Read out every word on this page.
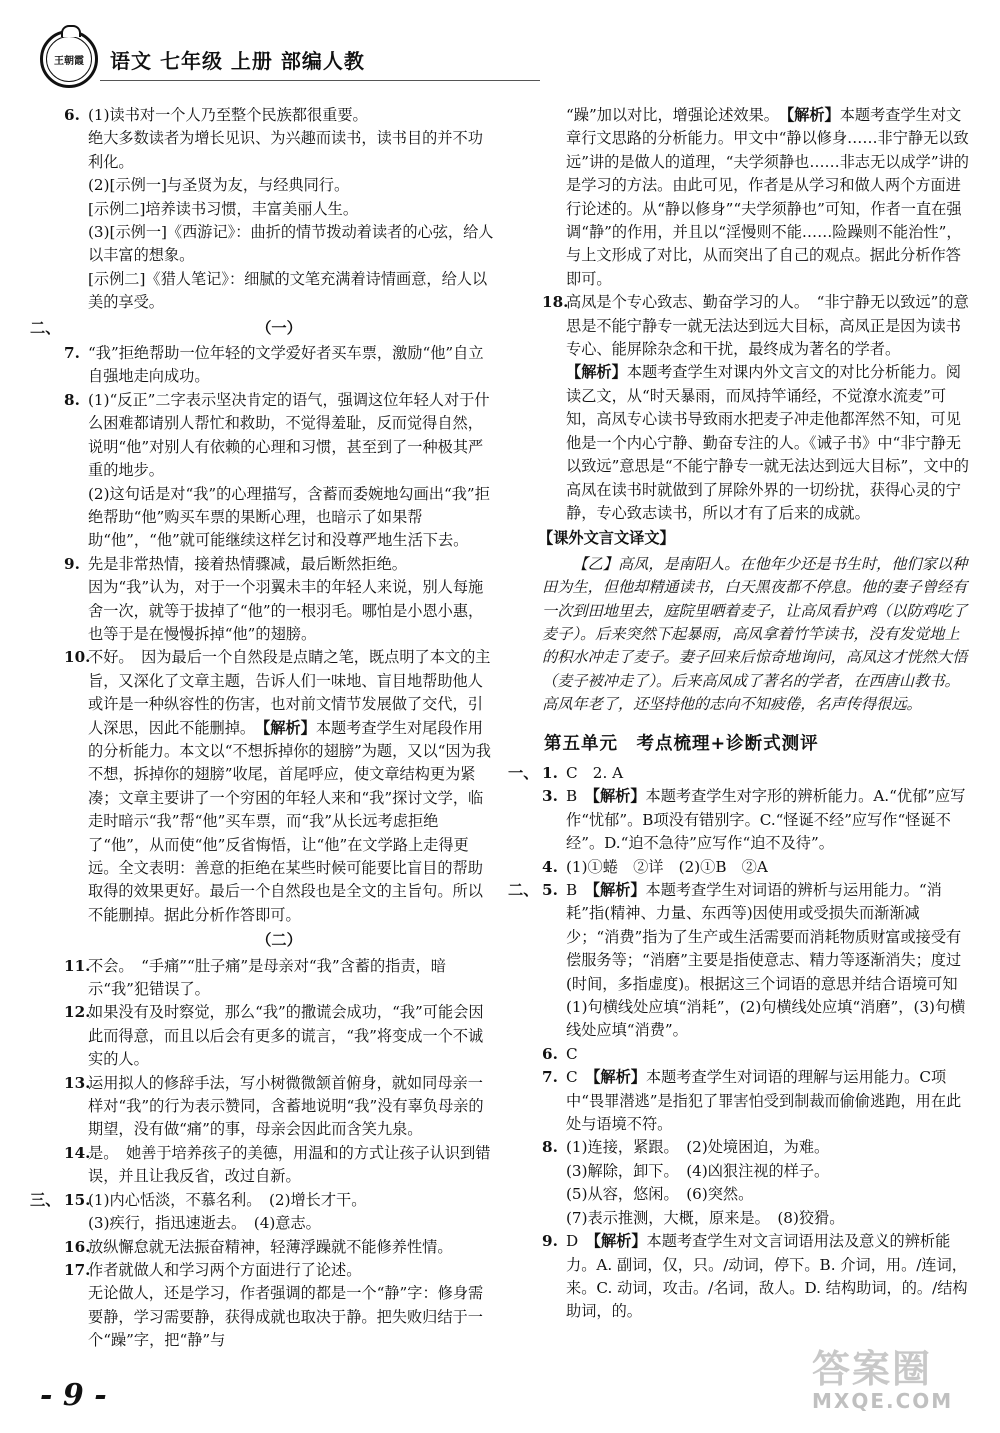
王朝霞	语文 七年级 上册 部编人教
6. (1)读书对一个人乃至整个民族都很重要。

绝大多数读者为增长见识、为兴趣而读书，读书目的并不功利化。

(2)[示例一]与圣贤为友，与经典同行。

[示例二]培养读书习惯，丰富美丽人生。

(3)[示例一]《西游记》：曲折的情节拨动着读者的心弦，给人以丰富的想象。

[示例二]《猎人笔记》：细腻的文笔充满着诗情画意，给人以美的享受。

二、	（一）
7. “我”拒绝帮助一位年轻的文学爱好者买车票，激励“他”自立自强地走向成功。

8. (1)“反正”二字表示坚决肯定的语气，强调这位年轻人对于什么困难都请别人帮忙和救助，不觉得羞耻，反而觉得自然，说明“他”对别人有依赖的心理和习惯，甚至到了一种极其严重的地步。

(2)这句话是对“我”的心理描写，含蓄而委婉地勾画出“我”拒绝帮助“他”购买车票的果断心理，也暗示了如果帮助“他”，“他”就可能继续这样乞讨和没尊严地生活下去。

9. 先是非常热情，接着热情骤减，最后断然拒绝。

因为“我”认为，对于一个羽翼未丰的年轻人来说，别人每施舍一次，就等于拔掉了“他”的一根羽毛。哪怕是小恩小惠，也等于是在慢慢拆掉“他”的翅膀。

10.

不好。　因为最后一个自然段是点睛之笔，既点明了本文的主旨，又深化了文章主题，告诉人们一味地、盲目地帮助他人或许是一种纵容性的伤害，也对前文情节发展做了交代，引人深思，因此不能删掉。　【解析】本题考查学生对尾段作用的分析能力。本文以“不想拆掉你的翅膀”为题，又以“因为我不想，拆掉你的翅膀”收尾，首尾呼应，使文章结构更为紧凑；文章主要讲了一个穷困的年轻人来和“我”探讨文学，临走时暗示“我”帮“他”买车票，而“我”从长远考虑拒绝了“他”，从而使“他”反省悔悟，让“他”在文学路上走得更远。全文表明：善意的拒绝在某些时候可能要比盲目的帮助取得的效果更好。最后一个自然段也是全文的主旨句。所以不能删掉。据此分析作答即可。

（二）
11.

不会。　“手痛”“肚子痛”是母亲对“我”含蓄的指责，暗示“我”犯错误了。

12.

如果没有及时察觉，那么“我”的撒谎会成功，“我”可能会因此而得意，而且以后会有更多的谎言，“我”将变成一个不诚实的人。

13.

运用拟人的修辞手法，写小树微微颔首俯身，就如同母亲一样对“我”的行为表示赞同，含蓄地说明“我”没有辜负母亲的期望，没有做“痛”的事，母亲会因此而含笑九泉。

14.

是。　她善于培养孩子的美德，用温和的方式让孩子认识到错误，并且让我反省，改过自新。

三、 15.

(1)内心恬淡，不慕名利。　(2)增长才干。

(3)疾行，指迅速逝去。　(4)意志。

16.

放纵懈怠就无法振奋精神，轻薄浮躁就不能修养性情。

17.

作者就做人和学习两个方面进行了论述。

无论做人，还是学习，作者强调的都是一个“静”字：修身需要静，学习需要静，获得成就也取决于静。把失败归结于一个“躁”字，把“静”与

“躁”加以对比，增强论述效果。　【解析】本题考查学生对文章行文思路的分析能力。甲文中“静以修身……非宁静无以致远”讲的是做人的道理，“夫学须静也……非志无以成学”讲的是学习的方法。由此可见，作者是从学习和做人两个方面进行论述的。从“静以修身”“夫学须静也”可知，作者一直在强调“静”的作用，并且以“淫慢则不能……险躁则不能治性”，与上文形成了对比，从而突出了自己的观点。据此分析作答即可。

18.

高凤是个专心致志、勤奋学习的人。　“非宁静无以致远”的意思是不能宁静专一就无法达到远大目标，高凤正是因为读书专心、能屏除杂念和干扰，最终成为著名的学者。

【解析】本题考查学生对课内外文言文的对比分析能力。阅读乙文，从“时天暴雨，而凤持竿诵经，不觉潦水流麦”可知，高凤专心读书导致雨水把麦子冲走他都浑然不知，可见他是一个内心宁静、勤奋专注的人。《诫子书》中“非宁静无以致远”意思是“不能宁静专一就无法达到远大目标”，文中的高凤在读书时就做到了屏除外界的一切纷扰，获得心灵的宁静，专心致志读书，所以才有了后来的成就。

【课外文言文译文】

【乙】高凤，是南阳人。在他年少还是书生时，他们家以种田为生，但他却精通读书，白天黑夜都不停息。他的妻子曾经有一次到田地里去，庭院里晒着麦子，让高凤看护鸡（以防鸡吃了麦子）。后来突然下起暴雨，高凤拿着竹竿读书，没有发觉地上的积水冲走了麦子。妻子回来后惊奇地询问，高凤这才恍然大悟（麦子被冲走了）。后来高凤成了著名的学者，在西唐山教书。高凤年老了，还坚持他的志向不知疲倦，名声传得很远。

第五单元　考点梳理+诊断式测评
一、 1. C　2. A

3. B　【解析】本题考查学生对字形的辨析能力。A.“优郁”应写作“忧郁”。B项没有错别字。C.“怪诞不经”应写作“怪诞不经”。D.“迫不急待”应写作“迫不及待”。

4. (1)①蜷　②详　(2)①B　②A

二、 5. B　【解析】本题考查学生对词语的辨析与运用能力。“消耗”指(精神、力量、东西等)因使用或受损失而渐渐减少；“消费”指为了生产或生活需要而消耗物质财富或接受有偿服务等；“消磨”主要是指使意志、精力等逐渐消失；度过(时间，多指虚度)。根据这三个词语的意思并结合语境可知(1)句横线处应填“消耗”，(2)句横线处应填“消磨”，(3)句横线处应填“消费”。

6. C

7. C　【解析】本题考查学生对词语的理解与运用能力。C项中“畏罪潜逃”是指犯了罪害怕受到制裁而偷偷逃跑，用在此处与语境不符。

8. (1)连接，紧跟。　(2)处境困迫，为难。

(3)解除，卸下。　(4)凶狠注视的样子。

(5)从容，悠闲。　(6)突然。

(7)表示推测，大概，原来是。　(8)狡猾。

9. D　【解析】本题考查学生对文言词语用法及意义的辨析能力。A. 副词，仅，只。/动词，停下。B. 介词，用。/连词，来。C. 动词，攻击。/名词，敌人。D. 结构助词，的。/结构助词，的。

- 9 -
答案圈
MXQE.COM
